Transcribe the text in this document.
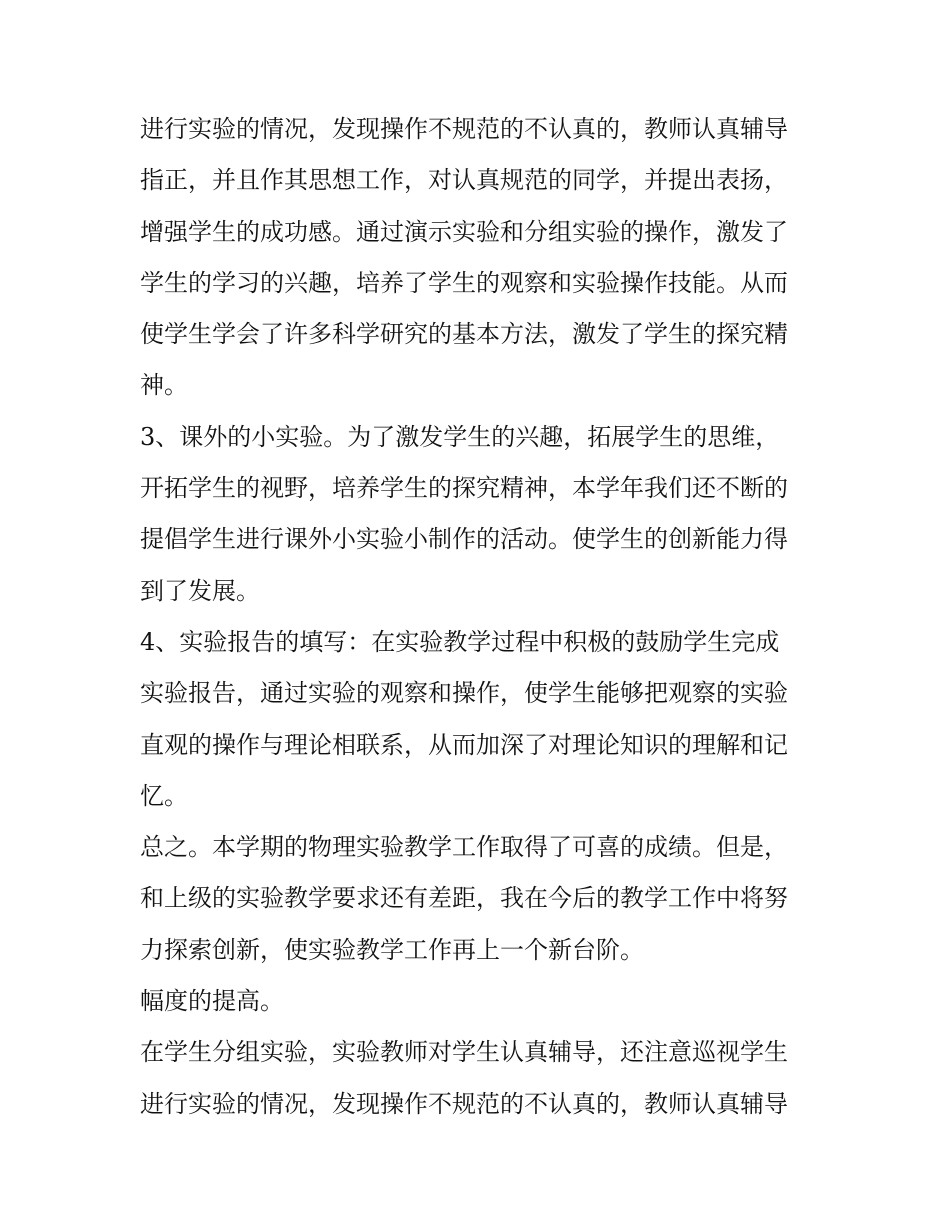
进行实验的情况，发现操作不规范的不认真的，教师认真辅导
指正，并且作其思想工作，对认真规范的同学，并提出表扬，
增强学生的成功感。通过演示实验和分组实验的操作，激发了
学生的学习的兴趣，培养了学生的观察和实验操作技能。从而
使学生学会了许多科学研究的基本方法，激发了学生的探究精
神。
3、课外的小实验。为了激发学生的兴趣，拓展学生的思维，
开拓学生的视野，培养学生的探究精神，本学年我们还不断的
提倡学生进行课外小实验小制作的活动。使学生的创新能力得
到了发展。
4、实验报告的填写：在实验教学过程中积极的鼓励学生完成
实验报告，通过实验的观察和操作，使学生能够把观察的实验
直观的操作与理论相联系，从而加深了对理论知识的理解和记
忆。
总之。本学期的物理实验教学工作取得了可喜的成绩。但是，
和上级的实验教学要求还有差距，我在今后的教学工作中将努
力探索创新，使实验教学工作再上一个新台阶。
幅度的提高。
在学生分组实验，实验教师对学生认真辅导，还注意巡视学生
进行实验的情况，发现操作不规范的不认真的，教师认真辅导
